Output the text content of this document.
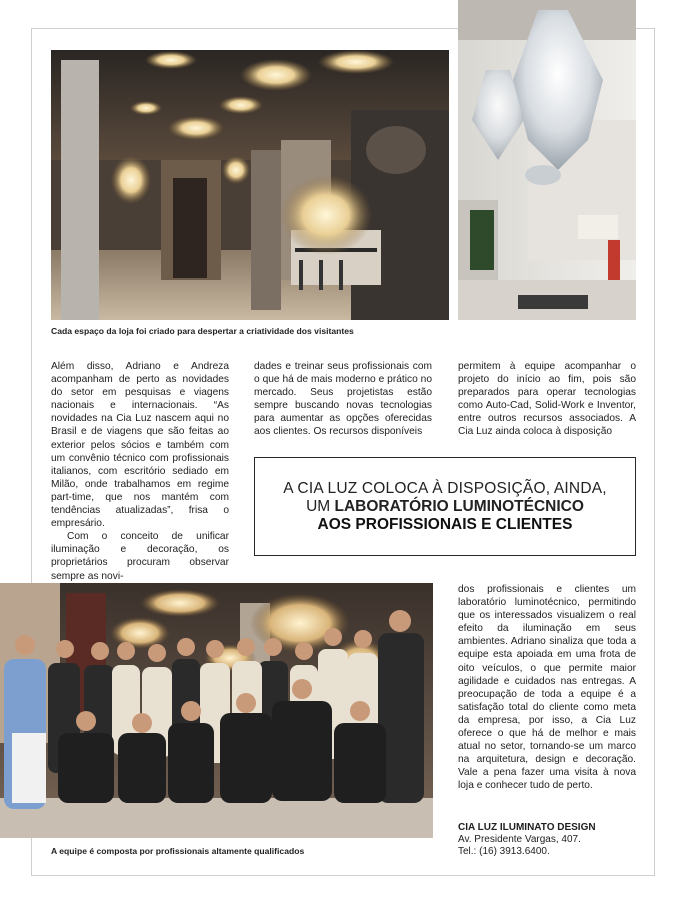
Cada espaço da loja foi criado para despertar a criatividade dos visitantes

Além disso, Adriano e Andreza acompanham de perto as novidades do setor em pesquisas e viagens nacionais e internacionais. “As novidades na Cia Luz nascem aqui no Brasil e de viagens que são feitas ao exterior pelos sócios e também com um convênio técnico com profissionais italianos, com escritório sediado em Milão, onde trabalhamos em regime part-time, que nos mantém com tendências atualizadas”, frisa o empresário.

Com o conceito de unificar iluminação e decoração, os proprietários procuram observar sempre as novi-

dades e treinar seus profissionais com o que há de mais moderno e prático no mercado. Seus projetistas estão sempre buscando novas tecnologias para aumentar as opções oferecidas aos clientes. Os recursos disponíveis

permitem à equipe acompanhar o projeto do início ao fim, pois são preparados para operar tecnologias como Auto-Cad, Solid-Work e Inventor, entre outros recursos associados. A Cia Luz ainda coloca à disposição

A CIA LUZ COLOCA À DISPOSIÇÃO, AINDA,
UM LABORATÓRIO LUMINOTÉCNICO
AOS PROFISSIONAIS E CLIENTES
A equipe é composta por profissionais altamente qualificados

dos profissionais e clientes um laboratório luminotécnico, permitindo que os interessados visualizem o real efeito da iluminação em seus ambientes. Adriano sinaliza que toda a equipe esta apoiada em uma frota de oito veículos, o que permite maior agilidade e cuidados nas entregas. A preocupação de toda a equipe é a satisfação total do cliente como meta da empresa, por isso, a Cia Luz oferece o que há de melhor e mais atual no setor, tornando-se um marco na arquitetura, design e decoração. Vale a pena fazer uma visita à nova loja e conhecer tudo de perto.

CIA LUZ ILUMINATO DESIGN
Av. Presidente Vargas, 407.
Tel.: (16) 3913.6400.
